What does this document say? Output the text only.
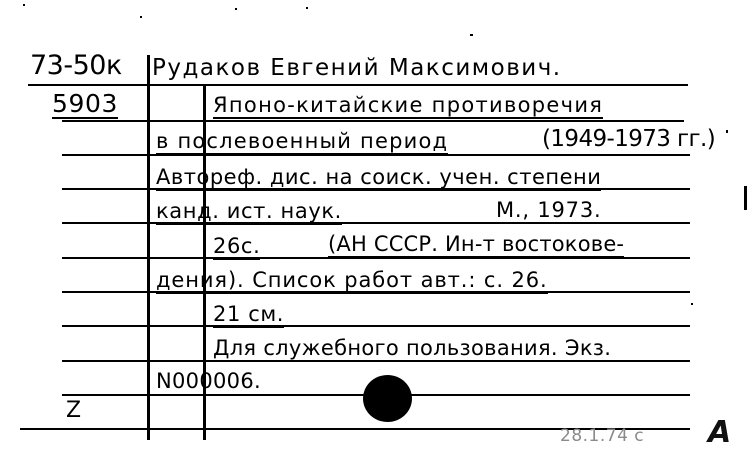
73-50к Рудаков Евгений Максимович.
5903	Японо-китайские противоречия
в послевоенный период	(1949-1973 гг.)
Автореф. дис. на соиск. учен. степени
канд. ист. наук.	М., 1973.
26с.	(АН СССР. Ин-т востокове-
дения). Список работ авт.: с. 26.
21 см.
Для служебного пользования. Экз.
N000006.
Z
28.1.74 с А
